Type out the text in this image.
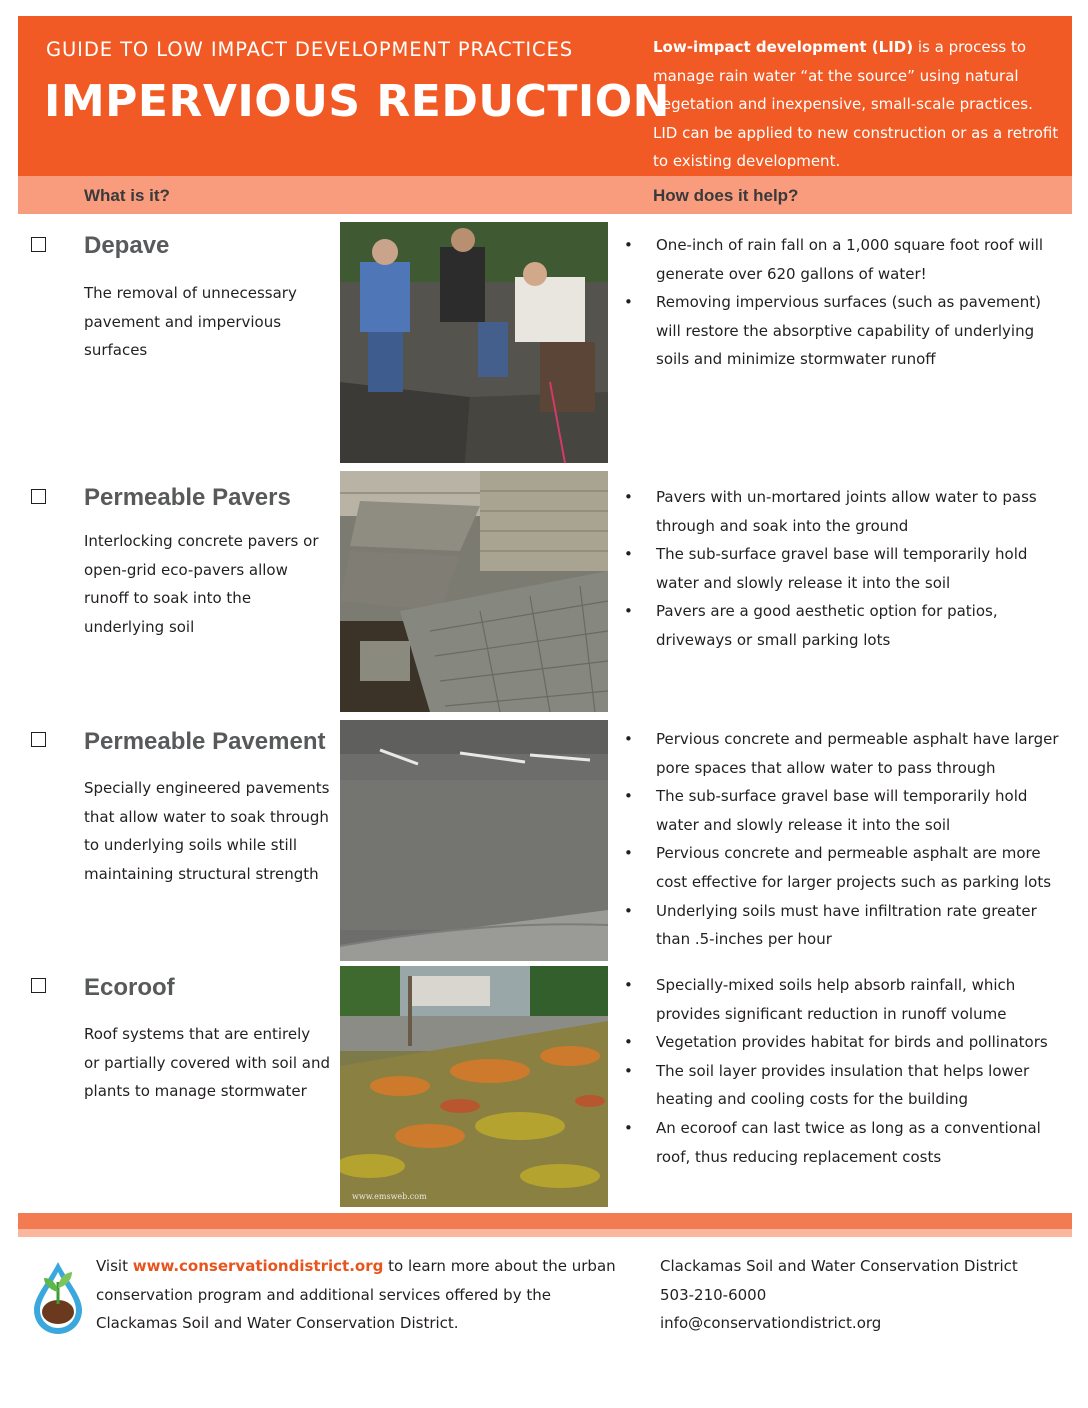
GUIDE TO LOW IMPACT DEVELOPMENT PRACTICES
IMPERVIOUS REDUCTION
Low-impact development (LID) is a process to manage rain water “at the source” using natural vegetation and inexpensive, small-scale practices. LID can be applied to new construction or as a retrofit to existing development.
What is it?	How does it help?
Depave
The removal of unnecessary pavement and impervious surfaces
• One-inch of rain fall on a 1,000 square foot roof will generate over 620 gallons of water!
• Removing impervious surfaces (such as pavement) will restore the absorptive capability of underlying soils and minimize stormwater runoff
Permeable Pavers
Interlocking concrete pavers or open-grid eco-pavers allow runoff to soak into the underlying soil
• Pavers with un-mortared joints allow water to pass through and soak into the ground
• The sub-surface gravel base will temporarily hold water and slowly release it into the soil
• Pavers are a good aesthetic option for patios, driveways or small parking lots
Permeable Pavement
Specially engineered pavements that allow water to soak through to underlying soils while still maintaining structural strength
• Pervious concrete and permeable asphalt have larger pore spaces that allow water to pass through
• The sub-surface gravel base will temporarily hold water and slowly release it into the soil
• Pervious concrete and permeable asphalt are more cost effective for larger projects such as parking lots
• Underlying soils must have infiltration rate greater than .5-inches per hour
Ecoroof
Roof systems that are entirely or partially covered with soil and plants to manage stormwater
www.emsweb.com
• Specially-mixed soils help absorb rainfall, which provides significant reduction in runoff volume
• Vegetation provides habitat for birds and pollinators
• The soil layer provides insulation that helps lower heating and cooling costs for the building
• An ecoroof can last twice as long as a conventional roof, thus reducing replacement costs
Visit www.conservationdistrict.org to learn more about the urban conservation program and additional services offered by the Clackamas Soil and Water Conservation District.
Clackamas Soil and Water Conservation District
503-210-6000
info@conservationdistrict.org
